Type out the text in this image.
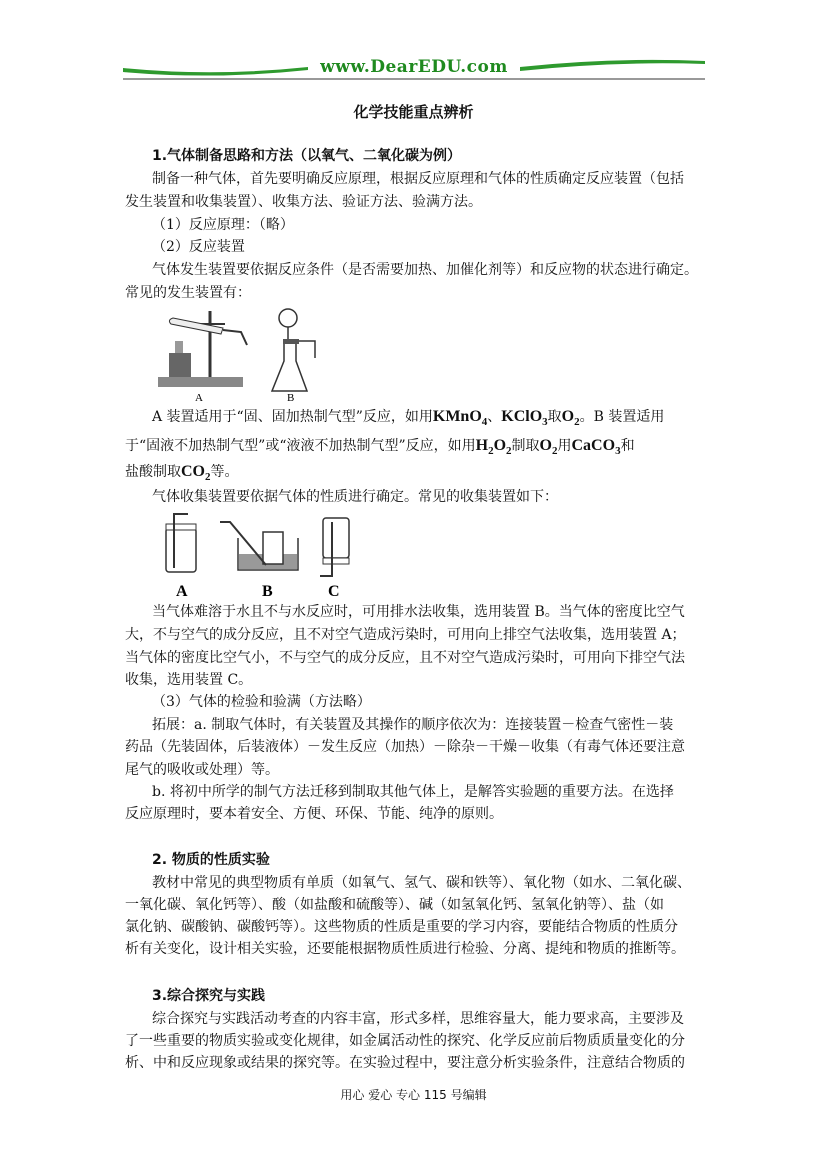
www.DearEDU.com
化学技能重点辨析

1.气体制备思路和方法（以氧气、二氧化碳为例）

制备一种气体，首先要明确反应原理，根据反应原理和气体的性质确定反应装置（包括

发生装置和收集装置）、收集方法、验证方法、验满方法。

（1）反应原理：（略）

（2）反应装置

气体发生装置要依据反应条件（是否需要加热、加催化剂等）和反应物的状态进行确定。

常见的发生装置有：

A	B

A 装置适用于“固、固加热制气型”反应，如用KMnO$_4$、KClO$_3$取$O_2$。B 装置适用

于“固液不加热制气型”或“液液不加热制气型”反应，如用$H_2O_2$制取$O_2$用CaCO$_3$和

盐酸制取$CO_2$等。

气体收集装置要依据气体的性质进行确定。常见的收集装置如下：

A	B	C

当气体难溶于水且不与水反应时，可用排水法收集，选用装置 B。当气体的密度比空气

大，不与空气的成分反应，且不对空气造成污染时，可用向上排空气法收集，选用装置 A；

当气体的密度比空气小，不与空气的成分反应，且不对空气造成污染时，可用向下排空气法

收集，选用装置 C。

（3）气体的检验和验满（方法略）

拓展：a. 制取气体时，有关装置及其操作的顺序依次为：连接装置－检查气密性－装

药品（先装固体，后装液体）－发生反应（加热）－除杂－干燥－收集（有毒气体还要注意

尾气的吸收或处理）等。

b. 将初中所学的制气方法迁移到制取其他气体上，是解答实验题的重要方法。在选择

反应原理时，要本着安全、方便、环保、节能、纯净的原则。

2. 物质的性质实验

教材中常见的典型物质有单质（如氧气、氢气、碳和铁等）、氧化物（如水、二氧化碳、

一氧化碳、氧化钙等）、酸（如盐酸和硫酸等）、碱（如氢氧化钙、氢氧化钠等）、盐（如

氯化钠、碳酸钠、碳酸钙等）。这些物质的性质是重要的学习内容，要能结合物质的性质分

析有关变化，设计相关实验，还要能根据物质性质进行检验、分离、提纯和物质的推断等。

3.综合探究与实践

综合探究与实践活动考查的内容丰富，形式多样，思维容量大，能力要求高，主要涉及

了一些重要的物质实验或变化规律，如金属活动性的探究、化学反应前后物质质量变化的分

析、中和反应现象或结果的探究等。在实验过程中，要注意分析实验条件，注意结合物质的

用心 爱心 专心 115 号编辑
